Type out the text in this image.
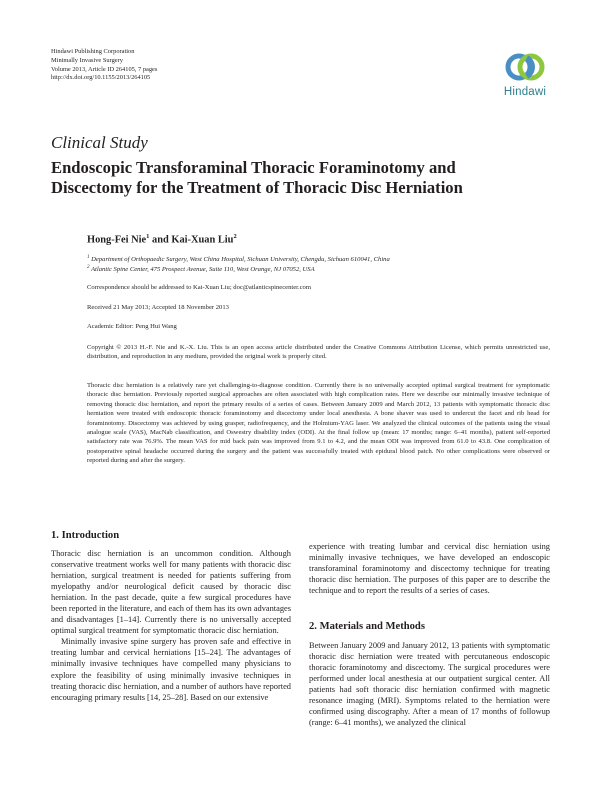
Hindawi Publishing Corporation
Minimally Invasive Surgery
Volume 2013, Article ID 264105, 7 pages
http://dx.doi.org/10.1155/2013/264105
Hindawi
Clinical Study
Endoscopic Transforaminal Thoracic Foraminotomy and
Discectomy for the Treatment of Thoracic Disc Herniation
Hong-Fei Nie$^1$ and Kai-Xuan Liu$^2$
$^1$ Department of Orthopaedic Surgery, West China Hospital, Sichuan University, Chengdu, Sichuan 610041, China
$^2$ Atlantic Spine Center, 475 Prospect Avenue, Suite 110, West Orange, NJ 07052, USA
Correspondence should be addressed to Kai-Xuan Liu; doc@atlanticspinecenter.com
Received 21 May 2013; Accepted 18 November 2013
Academic Editor: Peng Hui Wang
Copyright © 2013 H.-F. Nie and K.-X. Liu. This is an open access article distributed under the Creative Commons Attribution License, which permits unrestricted use, distribution, and reproduction in any medium, provided the original work is properly cited.
Thoracic disc herniation is a relatively rare yet challenging-to-diagnose condition. Currently there is no universally accepted optimal surgical treatment for symptomatic thoracic disc herniation. Previously reported surgical approaches are often associated with high complication rates. Here we describe our minimally invasive technique of removing thoracic disc herniation, and report the primary results of a series of cases. Between January 2009 and March 2012, 13 patients with symptomatic thoracic disc herniation were treated with endoscopic thoracic foraminotomy and discectomy under local anesthesia. A bone shaver was used to undercut the facet and rib head for foraminotomy. Discectomy was achieved by using grasper, radiofrequency, and the Holmium-YAG laser. We analyzed the clinical outcomes of the patients using the visual analogue scale (VAS), MacNab classification, and Oswestry disability index (ODI). At the final follow up (mean: 17 months; range: 6–41 months), patient self-reported satisfactory rate was 76.9%. The mean VAS for mid back pain was improved from 9.1 to 4.2, and the mean ODI was improved from 61.0 to 43.8. One complication of postoperative spinal headache occurred during the surgery and the patient was successfully treated with epidural blood patch. No other complications were observed or reported during and after the surgery.
1. Introduction

Thoracic disc herniation is an uncommon condition. Although conservative treatment works well for many patients with thoracic disc herniation, surgical treatment is needed for patients suffering from myelopathy and/or neurological deficit caused by thoracic disc herniation. In the past decade, quite a few surgical procedures have been reported in the literature, and each of them has its own advantages and disadvantages [1–14]. Currently there is no universally accepted optimal surgical treatment for symptomatic thoracic disc herniation.

Minimally invasive spine surgery has proven safe and effective in treating lumbar and cervical herniations [15–24]. The advantages of minimally invasive techniques have compelled many physicians to explore the feasibility of using minimally invasive techniques in treating thoracic disc herniation, and a number of authors have reported encouraging primary results [14, 25–28]. Based on our extensive

experience with treating lumbar and cervical disc herniation using minimally invasive techniques, we have developed an endoscopic transforaminal foraminotomy and discectomy technique for treating thoracic disc herniation. The purposes of this paper are to describe the technique and to report the results of a series of cases.

2. Materials and Methods

Between January 2009 and January 2012, 13 patients with symptomatic thoracic disc herniation were treated with percutaneous endoscopic thoracic foraminotomy and discectomy. The surgical procedures were performed under local anesthesia at our outpatient surgical center. All patients had soft thoracic disc herniation confirmed with magnetic resonance imaging (MRI). Symptoms related to the herniation were confirmed using discography. After a mean of 17 months of followup (range: 6–41 months), we analyzed the clinical
